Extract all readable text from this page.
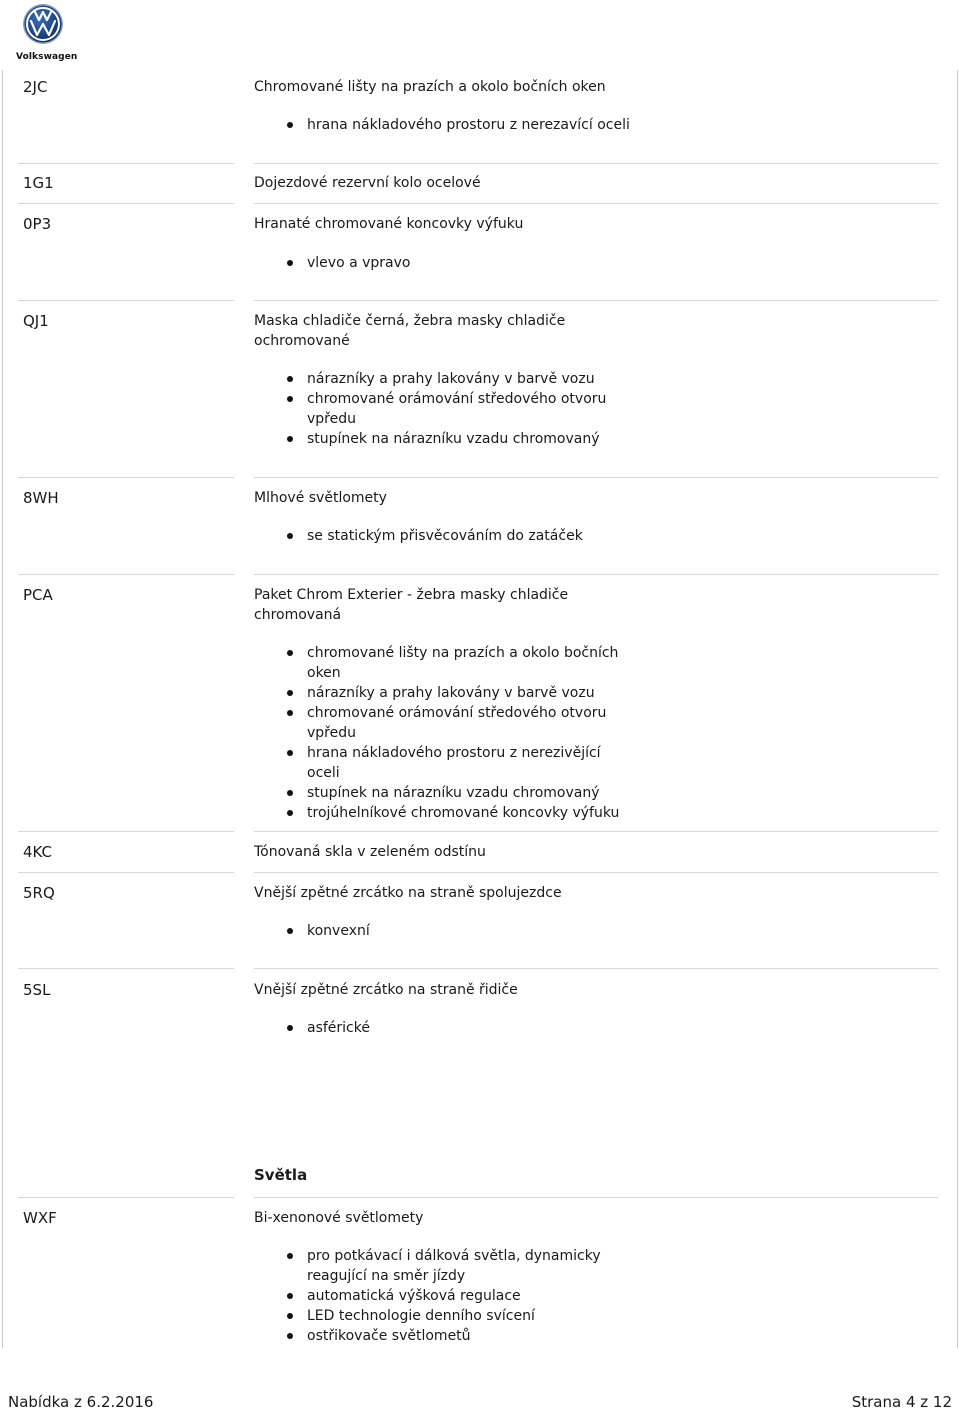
Volkswagen
2JC	Chromované lišty na prazích a okolo bočních oken
hrana nákladového prostoru z nerezavící oceli
1G1	Dojezdové rezervní kolo ocelové
0P3	Hranaté chromované koncovky výfuku
vlevo a vpravo
QJ1	Maska chladiče černá, žebra masky chladiče ochromované
nárazníky a prahy lakovány v barvě vozu
chromované orámování středového otvoru vpředu
stupínek na nárazníku vzadu chromovaný
8WH	Mlhové světlomety
se statickým přisvěcováním do zatáček
PCA	Paket Chrom Exterier - žebra masky chladiče chromovaná
chromované lišty na prazích a okolo bočních oken
nárazníky a prahy lakovány v barvě vozu
chromované orámování středového otvoru vpředu
hrana nákladového prostoru z nerezivějící oceli
stupínek na nárazníku vzadu chromovaný
trojúhelníkové chromované koncovky výfuku
4KC	Tónovaná skla v zeleném odstínu
5RQ	Vnější zpětné zrcátko na straně spolujezdce
konvexní
5SL	Vnější zpětné zrcátko na straně řidiče
asférické
Světla
WXF	Bi-xenonové světlomety
pro potkávací i dálková světla, dynamicky reagující na směr jízdy
automatická výšková regulace
LED technologie denního svícení
ostřikovače světlometů
Nabídka z 6.2.2016	Strana 4 z 12
